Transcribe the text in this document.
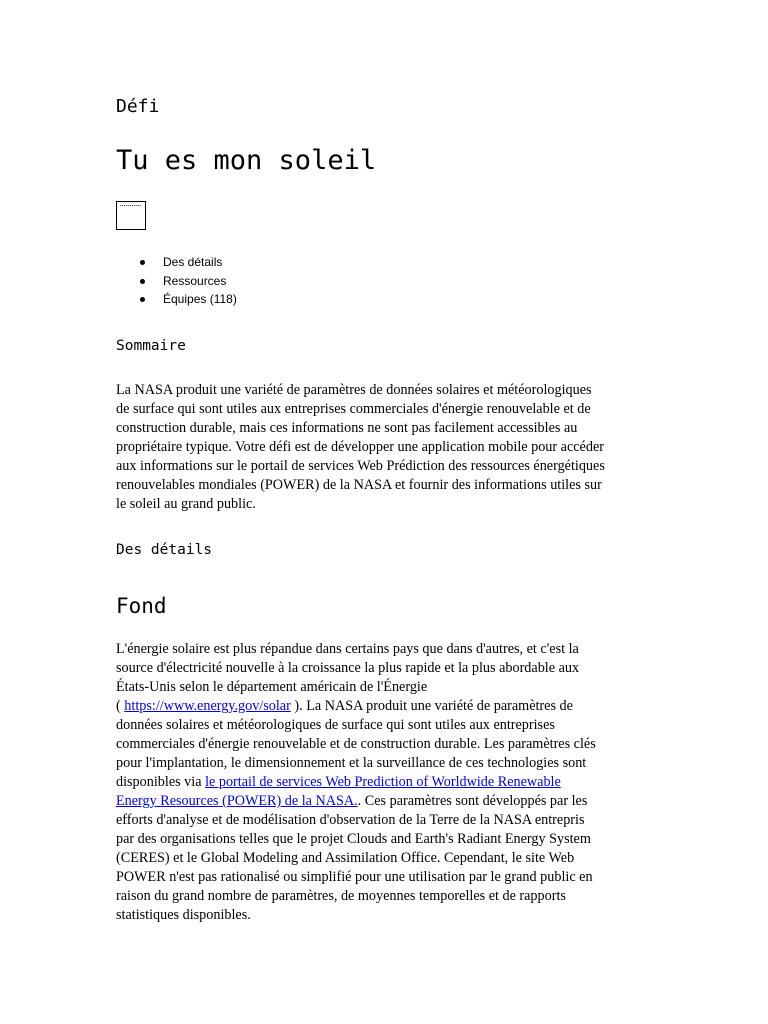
Défi
Tu es mon soleil
Des détails
Ressources
Équipes (118)
Sommaire

La NASA produit une variété de paramètres de données solaires et météorologiques
de surface qui sont utiles aux entreprises commerciales d'énergie renouvelable et de
construction durable, mais ces informations ne sont pas facilement accessibles au
propriétaire typique. Votre défi est de développer une application mobile pour accéder
aux informations sur le portail de services Web Prédiction des ressources énergétiques
renouvelables mondiales (POWER) de la NASA et fournir des informations utiles sur
le soleil au grand public.

Des détails
Fond

L'énergie solaire est plus répandue dans certains pays que dans d'autres, et c'est la
source d'électricité nouvelle à la croissance la plus rapide et la plus abordable aux
États-Unis selon le département américain de l'Énergie
( https://www.energy.gov/solar ). La NASA produit une variété de paramètres de
données solaires et météorologiques de surface qui sont utiles aux entreprises
commerciales d'énergie renouvelable et de construction durable. Les paramètres clés
pour l'implantation, le dimensionnement et la surveillance de ces technologies sont
disponibles via le portail de services Web Prediction of Worldwide Renewable
Energy Resources (POWER) de la NASA.. Ces paramètres sont développés par les
efforts d'analyse et de modélisation d'observation de la Terre de la NASA entrepris
par des organisations telles que le projet Clouds and Earth's Radiant Energy System
(CERES) et le Global Modeling and Assimilation Office. Cependant, le site Web
POWER n'est pas rationalisé ou simplifié pour une utilisation par le grand public en
raison du grand nombre de paramètres, de moyennes temporelles et de rapports
statistiques disponibles.
